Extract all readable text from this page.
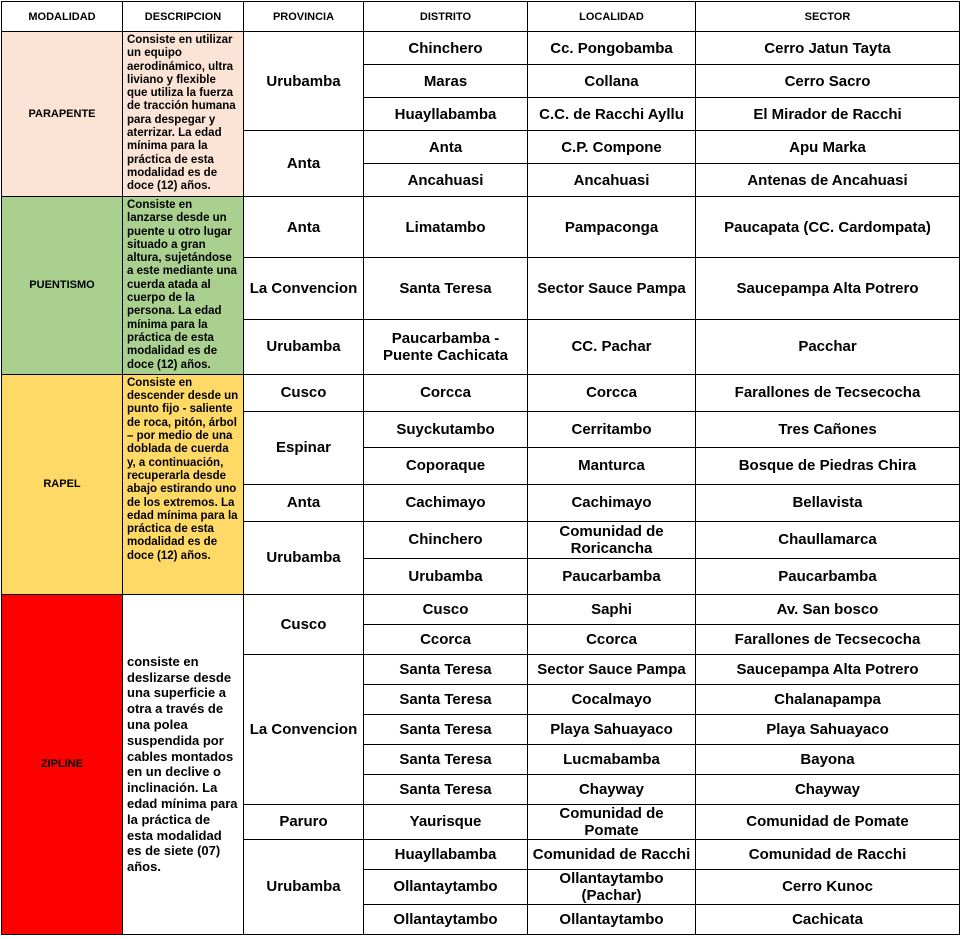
MODALIDAD	DESCRIPCION	PROVINCIA	DISTRITO	LOCALIDAD	SECTOR
PARAPENTE	Consiste en utilizar un equipo aerodinámico, ultra liviano y flexible que utiliza la fuerza de tracción humana para despegar y aterrizar. La edad mínima para la práctica de esta modalidad es de doce (12) años.	Urubamba	Chinchero	Cc. Pongobamba	Cerro Jatun Tayta
			Maras	Collana	Cerro Sacro
			Huayllabamba	C.C. de Racchi Ayllu	El Mirador de Racchi
		Anta	Anta	C.P. Compone	Apu Marka
			Ancahuasi	Ancahuasi	Antenas de Ancahuasi
PUENTISMO	Consiste en lanzarse desde un puente u otro lugar situado a gran altura, sujetándose a este mediante una cuerda atada al cuerpo de la persona. La edad mínima para la práctica de esta modalidad es de doce (12) años.	Anta	Limatambo	Pampaconga	Paucapata (CC. Cardompata)
		La Convencion	Santa Teresa	Sector Sauce Pampa	Saucepampa Alta Potrero
		Urubamba	Paucarbamba - Puente Cachicata	CC. Pachar	Pacchar
RAPEL	Consiste en descender desde un punto fijo - saliente de roca, pitón, árbol – por medio de una doblada de cuerda y, a continuación, recuperarla desde abajo estirando uno de los extremos. La edad mínima para la práctica de esta modalidad es de doce (12) años.	Cusco	Corcca	Corcca	Farallones de Tecsecocha
		Espinar	Suyckutambo	Cerritambo	Tres Cañones
			Coporaque	Manturca	Bosque de Piedras Chira
		Anta	Cachimayo	Cachimayo	Bellavista
		Urubamba	Chinchero	Comunidad de Roricancha	Chaullamarca
			Urubamba	Paucarbamba	Paucarbamba
ZIPLINE	consiste en deslizarse desde una superficie a otra a través de una polea suspendida por cables montados en un declive o inclinación. La edad mínima para la práctica de esta modalidad es de siete (07) años.	Cusco	Cusco	Saphi	Av. San bosco
			Ccorca	Ccorca	Farallones de Tecsecocha
		La Convencion	Santa Teresa	Sector Sauce Pampa	Saucepampa Alta Potrero
			Santa Teresa	Cocalmayo	Chalanapampa
			Santa Teresa	Playa Sahuayaco	Playa Sahuayaco
			Santa Teresa	Lucmabamba	Bayona
			Santa Teresa	Chayway	Chayway
		Paruro	Yaurisque	Comunidad de Pomate	Comunidad de Pomate
		Urubamba	Huayllabamba	Comunidad de Racchi	Comunidad de Racchi
			Ollantaytambo	Ollantaytambo (Pachar)	Cerro Kunoc
			Ollantaytambo	Ollantaytambo	Cachicata
